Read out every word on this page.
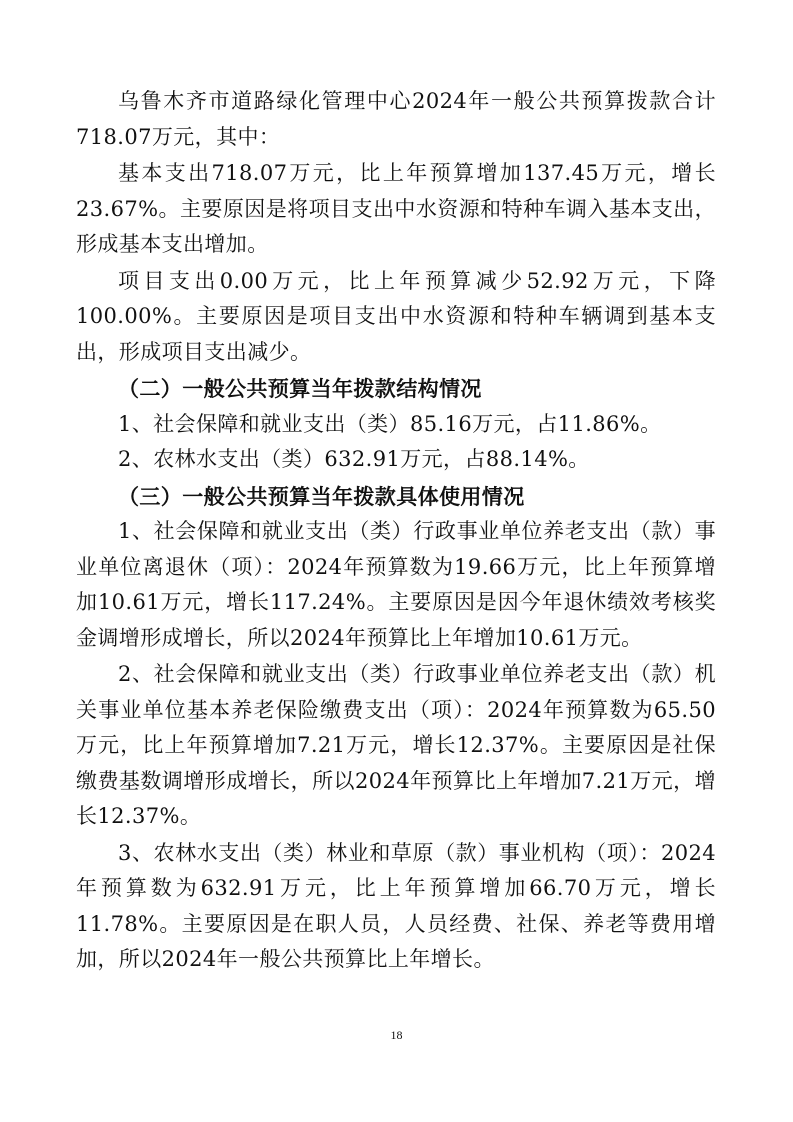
乌鲁木齐市道路绿化管理中心2024年一般公共预算拨款合计718.07万元，其中：

基本支出718.07万元，比上年预算增加137.45万元，增长23.67%。主要原因是将项目支出中水资源和特种车调入基本支出，形成基本支出增加。

项目支出0.00万元，比上年预算减少52.92万元，下降100.00%。主要原因是项目支出中水资源和特种车辆调到基本支出，形成项目支出减少。

（二）一般公共预算当年拨款结构情况

1、社会保障和就业支出（类）85.16万元，占11.86%。

2、农林水支出（类）632.91万元，占88.14%。

（三）一般公共预算当年拨款具体使用情况

1、社会保障和就业支出（类）行政事业单位养老支出（款）事业单位离退休（项）：2024年预算数为19.66万元，比上年预算增加10.61万元，增长117.24%。主要原因是因今年退休绩效考核奖金调增形成增长，所以2024年预算比上年增加10.61万元。

2、社会保障和就业支出（类）行政事业单位养老支出（款）机关事业单位基本养老保险缴费支出（项）：2024年预算数为65.50万元，比上年预算增加7.21万元，增长12.37%。主要原因是社保缴费基数调增形成增长，所以2024年预算比上年增加7.21万元，增长12.37%。

3、农林水支出（类）林业和草原（款）事业机构（项）：2024年预算数为632.91万元，比上年预算增加66.70万元，增长11.78%。主要原因是在职人员，人员经费、社保、养老等费用增加，所以2024年一般公共预算比上年增长。

18
